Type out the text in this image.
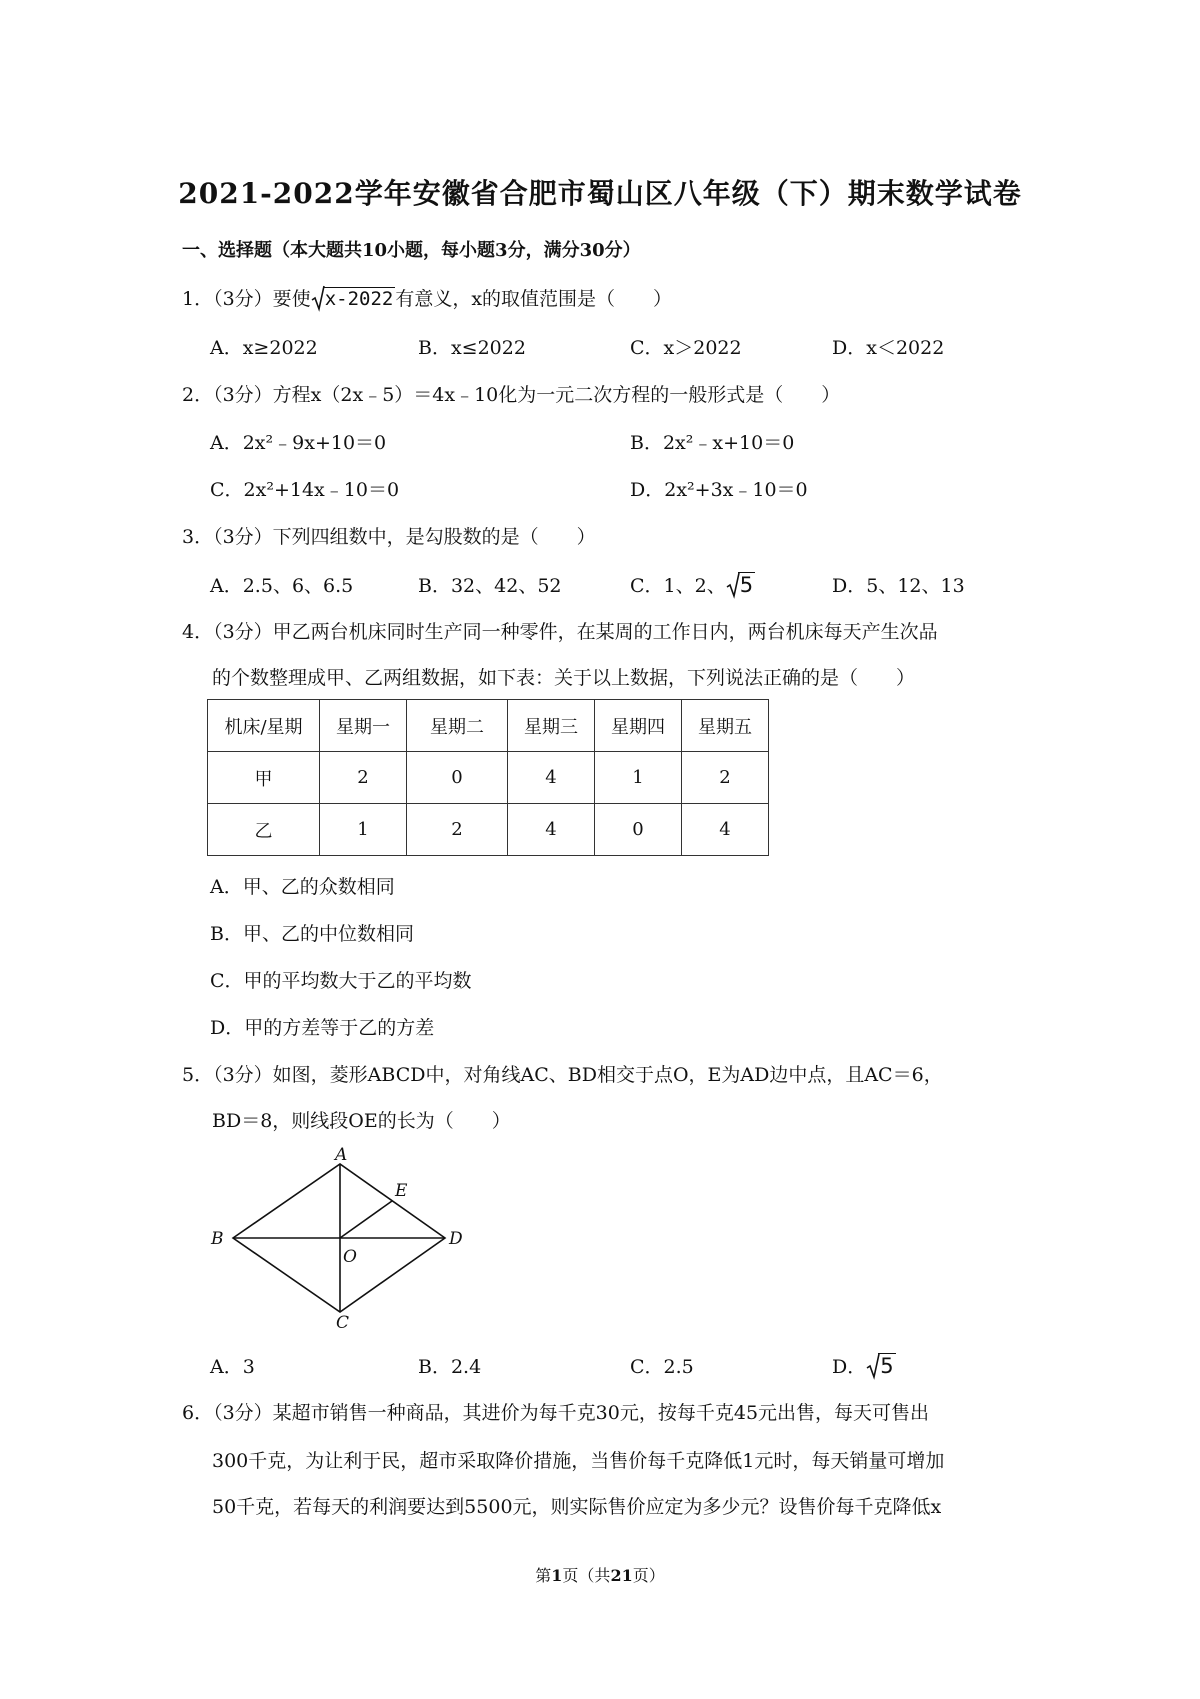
2021-2022学年安徽省合肥市蜀山区八年级（下）期末数学试卷
一、选择题（本大题共10小题，每小题3分，满分30分）
1．（3分）要使 x-2022 有意义，x的取值范围是（　　）
A．x≥2022	B．x≤2022	C．x＞2022	D．x＜2022
2．（3分）方程x（2x﹣5）＝4x﹣10化为一元二次方程的一般形式是（　　）
A．2x²﹣9x+10＝0	B．2x²﹣x+10＝0
C．2x²+14x﹣10＝0	D．2x²+3x﹣10＝0
3．（3分）下列四组数中，是勾股数的是（　　）
A．2.5、6、6.5	B．32、42、52	C．1、2、 5	D．5、12、13
4．（3分）甲乙两台机床同时生产同一种零件，在某周的工作日内，两台机床每天产生次品
的个数整理成甲、乙两组数据，如下表：关于以上数据，下列说法正确的是（　　）
机床/星期	星期一	星期二	星期三	星期四	星期五
甲	2	0	4	1	2
乙	1	2	4	0	4
A．甲、乙的众数相同
B．甲、乙的中位数相同
C．甲的平均数大于乙的平均数
D．甲的方差等于乙的方差
5．（3分）如图，菱形ABCD中，对角线AC、BD相交于点O，E为AD边中点，且AC＝6，
BD＝8，则线段OE的长为（　　）
A
B
C
D
E
O
A．3	B．2.4	C．2.5	D． 5
6．（3分）某超市销售一种商品，其进价为每千克30元，按每千克45元出售，每天可售出
300千克，为让利于民，超市采取降价措施，当售价每千克降低1元时，每天销量可增加
50千克，若每天的利润要达到5500元，则实际售价应定为多少元？设售价每千克降低x
第1页（共21页）
